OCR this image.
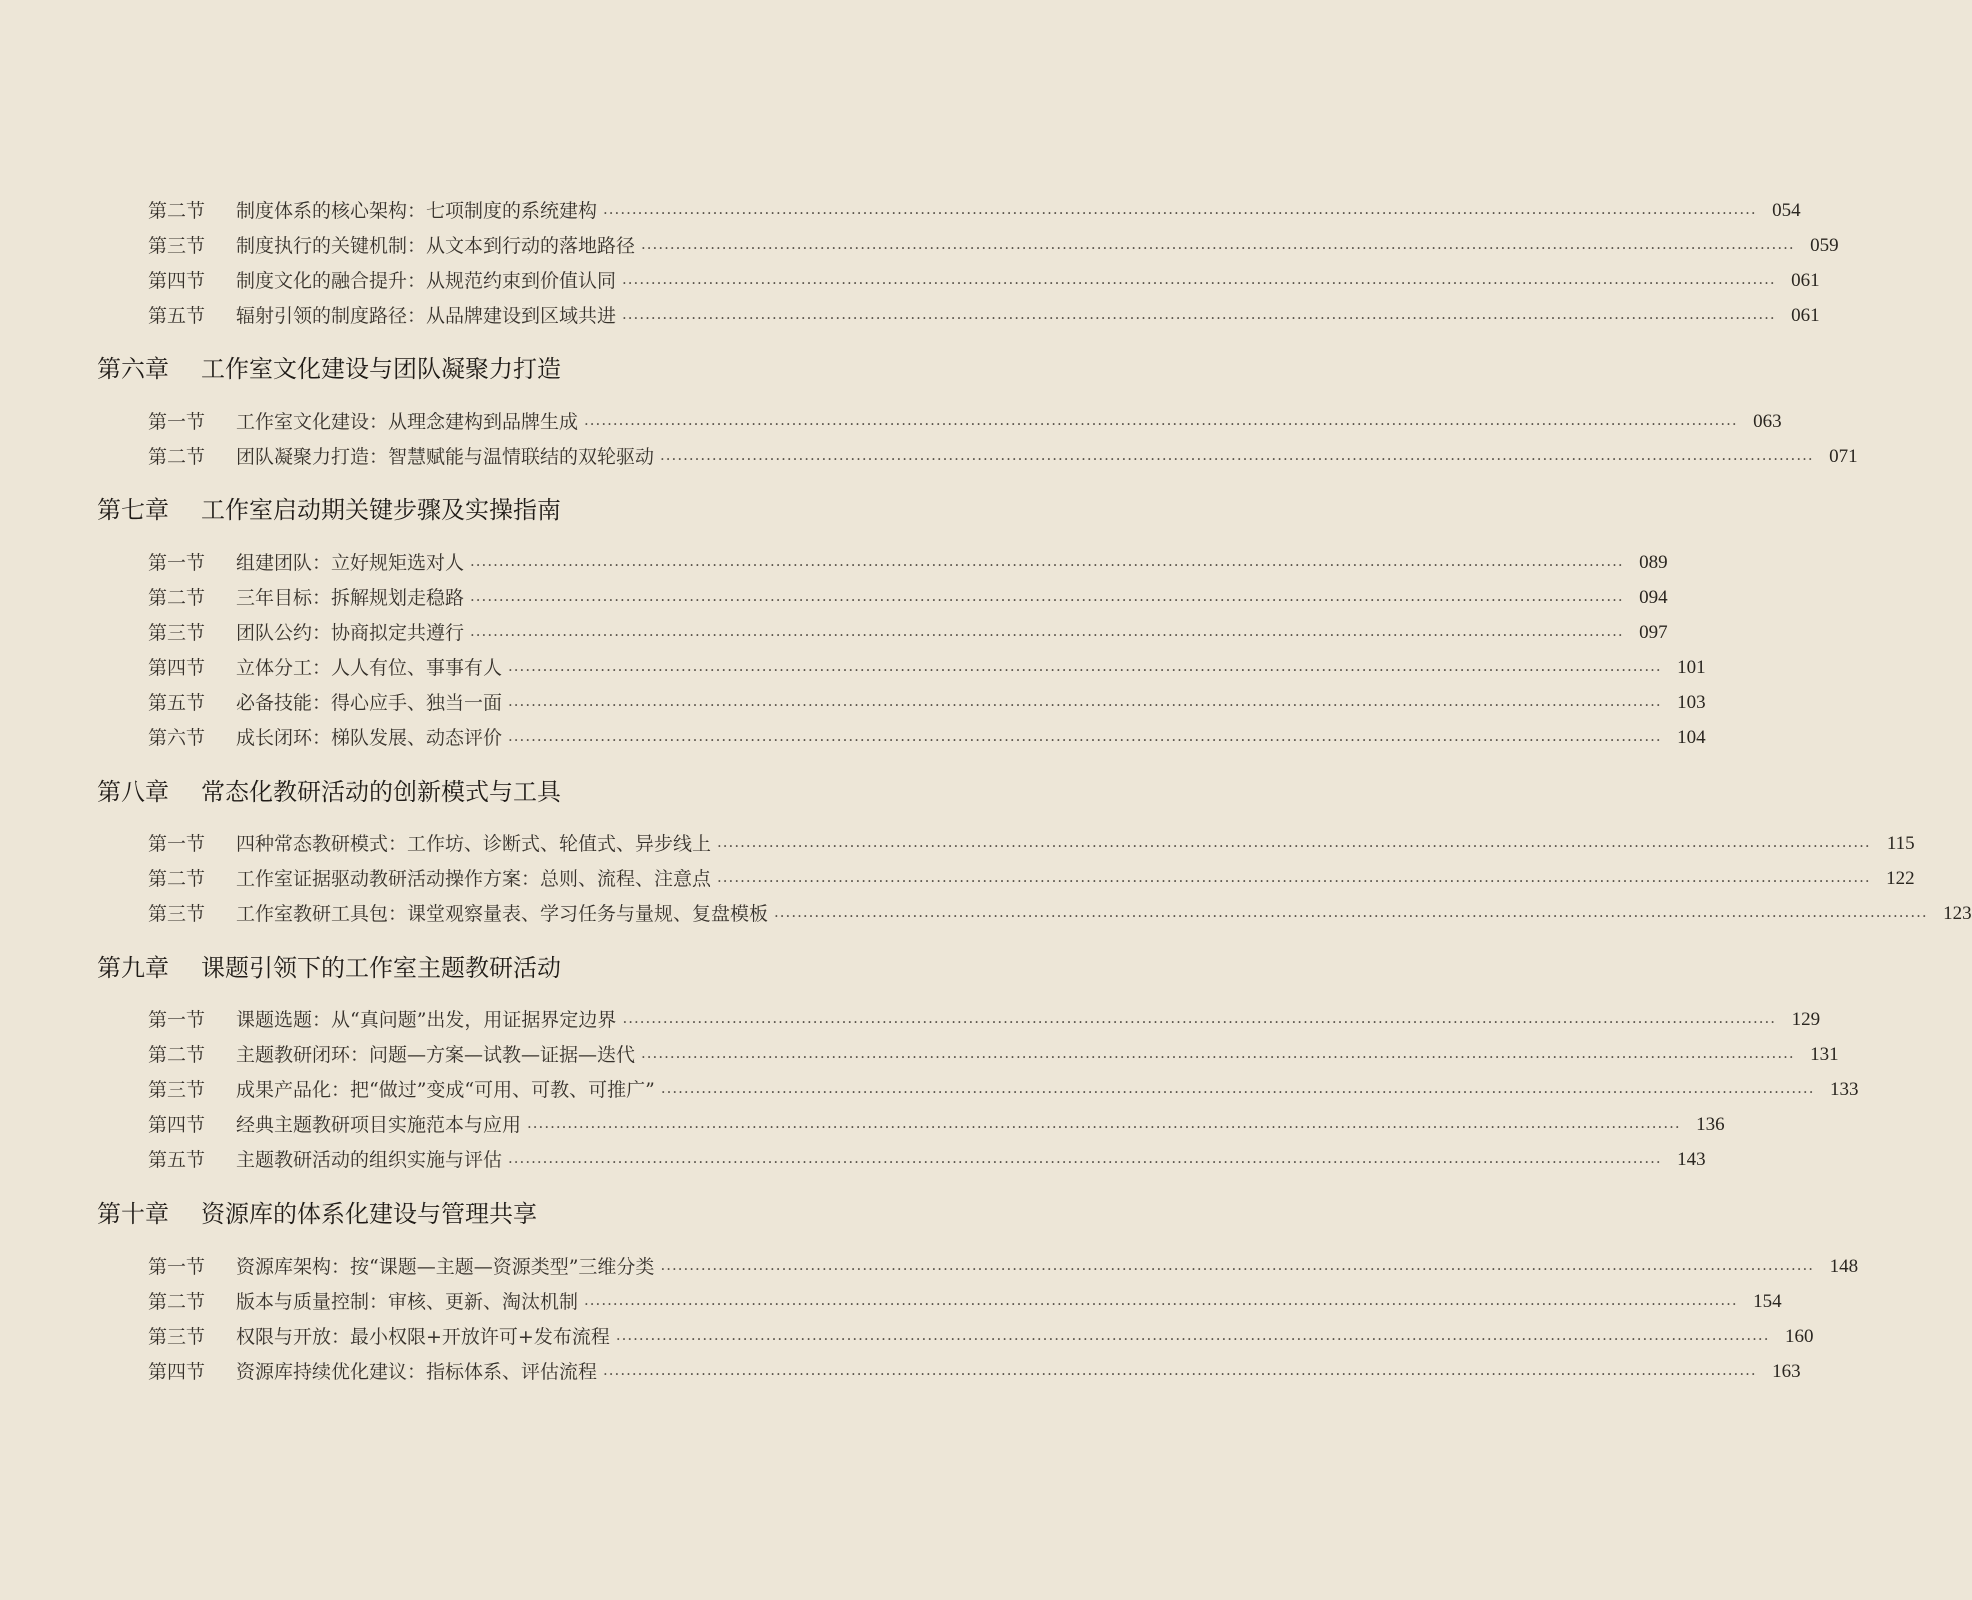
第二节	制度体系的核心架构：七项制度的系统建构 ········································································································································································································ 054
第三节	制度执行的关键机制：从文本到行动的落地路径 ········································································································································································································ 059
第四节	制度文化的融合提升：从规范约束到价值认同 ········································································································································································································ 061
第五节	辐射引领的制度路径：从品牌建设到区域共进 ········································································································································································································ 061
第六章 工作室文化建设与团队凝聚力打造
第一节	工作室文化建设：从理念建构到品牌生成 ········································································································································································································ 063
第二节	团队凝聚力打造：智慧赋能与温情联结的双轮驱动 ········································································································································································································ 071
第七章 工作室启动期关键步骤及实操指南
第一节	组建团队：立好规矩选对人 ········································································································································································································ 089
第二节	三年目标：拆解规划走稳路 ········································································································································································································ 094
第三节	团队公约：协商拟定共遵行 ········································································································································································································ 097
第四节	立体分工：人人有位、事事有人 ········································································································································································································ 101
第五节	必备技能：得心应手、独当一面 ········································································································································································································ 103
第六节	成长闭环：梯队发展、动态评价 ········································································································································································································ 104
第八章 常态化教研活动的创新模式与工具
第一节	四种常态教研模式：工作坊、诊断式、轮值式、异步线上 ········································································································································································································ 115
第二节	工作室证据驱动教研活动操作方案：总则、流程、注意点 ········································································································································································································ 122
第三节	工作室教研工具包：课堂观察量表、学习任务与量规、复盘模板 ········································································································································································································ 123
第九章 课题引领下的工作室主题教研活动
第一节	课题选题：从“真问题”出发，用证据界定边界 ········································································································································································································ 129
第二节	主题教研闭环：问题—方案—试教—证据—迭代 ········································································································································································································ 131
第三节	成果产品化：把“做过”变成“可用、可教、可推广” ········································································································································································································ 133
第四节	经典主题教研项目实施范本与应用 ········································································································································································································ 136
第五节	主题教研活动的组织实施与评估 ········································································································································································································ 143
第十章 资源库的体系化建设与管理共享
第一节	资源库架构：按“课题—主题—资源类型”三维分类 ········································································································································································································ 148
第二节	版本与质量控制：审核、更新、淘汰机制 ········································································································································································································ 154
第三节	权限与开放：最小权限+开放许可+发布流程 ········································································································································································································ 160
第四节	资源库持续优化建议：指标体系、评估流程 ········································································································································································································ 163
